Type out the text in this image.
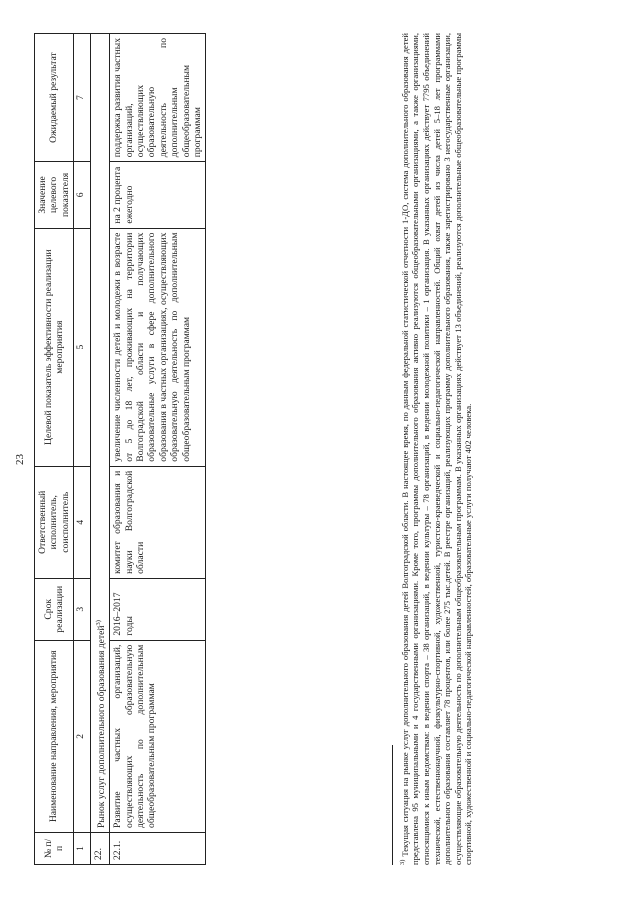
23
№ п/п	Наименование направления, мероприятия	Срок реализации	Ответственный исполнитель, соисполнитель	Целевой показатель эффективности реализации мероприятия	Значение целевого показателя	Ожидаемый результат
1	2	3	4	5	6	7
22.	Рынок услуг дополнительного образования детей$^{3)}$
22.1.	Развитие частных организаций, осуществляющих образовательную деятельность по дополнительным общеобразовательным программам	2016–2017 годы	комитет образования и науки Волгоградской области	увеличение численности детей и молодежи в возрасте от 5 до 18 лет, проживающих на территории Волгоградской области и получающих образовательные услуги в сфере дополнительного образования в частных организациях, осуществляющих образовательную деятельность по дополнительным общеобразовательным программам	на 2 процента ежегодно	поддержка развития частных организаций, осуществляющих образовательную деятельность по дополнительным общеобразовательным программам
$^{3)}$ Текущая ситуация на рынке услуг дополнительного образования детей Волгоградской области. В настоящее время, по данным федеральной статистической отчетности 1-ДО, система дополнительного образования детей представлена 95 муниципальными и 4 государственными организациями. Кроме того, программы дополнительного образования активно реализуются общеобразовательными организациями, а также организациями, относящимися к иным ведомствам: в ведении спорта – 38 организаций, в ведении культуры – 78 организаций, в ведении молодежной политики – 1 организация. В указанных организациях действует 7795 объединений технической, естественнонаучной, физкультурно-спортивной, художественной, туристско-краеведческой и социально-педагогической направленностей. Общий охват детей из числа детей 5–18 лет программами дополнительного образования составляет 78 процентов, или более 275 тыс.детей. В реестре организаций, реализующих программу дополнительного образования, также зарегистрировано 3 негосударственные организации, осуществляющие образовательную деятельность по дополнительным общеобразовательным программам. В указанных организациях действует 13 объединений, реализуются дополнительные общеобразовательные программы спортивной, художественной и социально-педагогической направленностей, образовательные услуги получают 402 человека.
